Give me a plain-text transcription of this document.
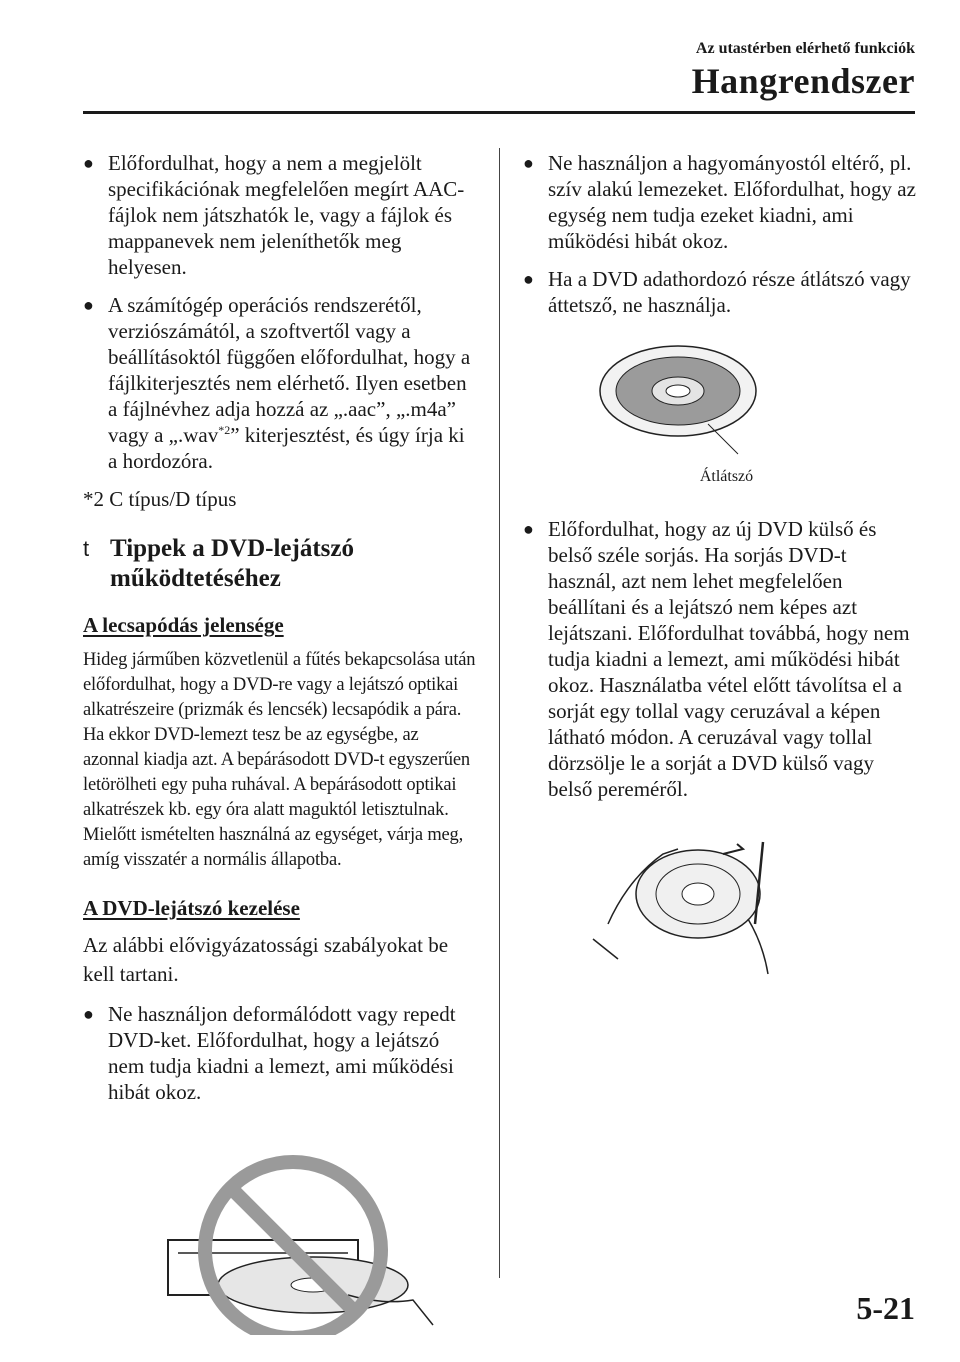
Az utastérben elérhető funkciók
Hangrendszer
● Előfordulhat, hogy a nem a megjelölt specifikációnak megfelelően megírt AAC-fájlok nem játszhatók le, vagy a fájlok és mappanevek nem jeleníthetők meg helyesen.
● A számítógép operációs rendszerétől, verziószámától, a szoftvertől vagy a beállításoktól függően előfordulhat, hogy a fájlkiterjesztés nem elérhető. Ilyen esetben a fájlnévhez adja hozzá az „.aac”, „.m4a” vagy a „.wav$^{*2}$” kiterjesztést, és úgy írja ki a hordozóra.
*2 C típus/D típus
t Tippek a DVD-lejátszó működtetéséhez
A lecsapódás jelensége
Hideg járműben közvetlenül a fűtés bekapcsolása után előfordulhat, hogy a DVD-re vagy a lejátszó optikai alkatrészeire (prizmák és lencsék) lecsapódik a pára. Ha ekkor DVD-lemezt tesz be az egységbe, az azonnal kiadja azt. A bepárásodott DVD-t egyszerűen letörölheti egy puha ruhával. A bepárásodott optikai alkatrészek kb. egy óra alatt maguktól letisztulnak. Mielőtt ismételten használná az egységet, várja meg, amíg visszatér a normális állapotba.
A DVD-lejátszó kezelése
Az alábbi elővigyázatossági szabályokat be kell tartani.
● Ne használjon deformálódott vagy repedt DVD-ket. Előfordulhat, hogy a lejátszó nem tudja kiadni a lemezt, ami működési hibát okoz.
● Ne használjon a hagyományostól eltérő, pl. szív alakú lemezeket. Előfordulhat, hogy az egység nem tudja ezeket kiadni, ami működési hibát okoz.
● Ha a DVD adathordozó része átlátszó vagy áttetsző, ne használja.
Átlátszó
● Előfordulhat, hogy az új DVD külső és belső széle sorjás. Ha sorjás DVD-t használ, azt nem lehet megfelelően beállítani és a lejátszó nem képes azt lejátszani. Előfordulhat továbbá, hogy nem tudja kiadni a lemezt, ami működési hibát okoz. Használatba vétel előtt távolítsa el a sorját egy tollal vagy ceruzával a képen látható módon. A ceruzával vagy tollal dörzsölje le a sorját a DVD külső vagy belső pereméről.
5-21
